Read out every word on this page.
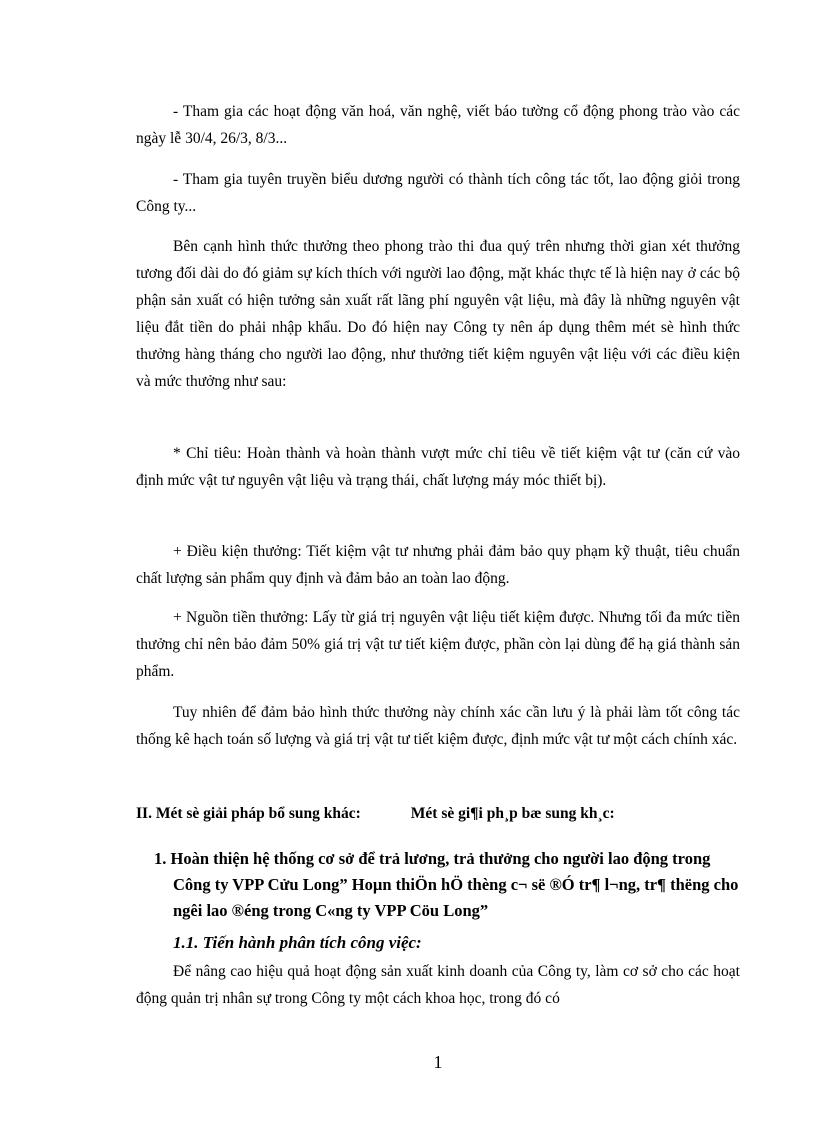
- Tham gia các hoạt động văn hoá, văn nghệ, viết báo tường cổ động phong trào vào các ngày lễ 30/4, 26/3, 8/3...

- Tham gia tuyên truyền biểu dương người có thành tích công tác tốt, lao động giỏi trong Công ty...

Bên cạnh hình thức thưởng theo phong trào thi đua quý trên nhưng thời gian xét thưởng tương đối dài do đó giảm sự kích thích với người lao động, mặt khác thực tế là hiện nay ở các bộ phận sản xuất có hiện tưởng sản xuất rất lãng phí nguyên vật liệu, mà đây là những nguyên vật liệu đắt tiền do phải nhập khẩu. Do đó hiện nay Công ty nên áp dụng thêm mét sè hình thức thưởng hàng tháng cho người lao động, như thưởng tiết kiệm nguyên vật liệu với các điều kiện và mức thưởng như sau:

* Chỉ tiêu: Hoàn thành và hoàn thành vượt mức chỉ tiêu về tiết kiệm vật tư (căn cứ vào định mức vật tư nguyên vật liệu và trạng thái, chất lượng máy móc thiết bị).

+ Điều kiện thưởng: Tiết kiệm vật tư nhưng phải đảm bảo quy phạm kỹ thuật, tiêu chuẩn chất lượng sản phẩm quy định và đảm bảo an toàn lao động.

+ Nguồn tiền thưởng: Lấy từ giá trị nguyên vật liệu tiết kiệm được. Nhưng tối đa mức tiền thưởng chỉ nên bảo đảm 50% giá trị vật tư tiết kiệm được, phần còn lại dùng để hạ giá thành sản phẩm.

Tuy nhiên để đảm bảo hình thức thưởng này chính xác cần lưu ý là phải làm tốt công tác thống kê hạch toán số lượng và giá trị vật tư tiết kiệm được, định mức vật tư một cách chính xác.

II. Mét sè giải pháp bổ sung khác:	Mét sè gi¶i ph¸p bæ sung kh¸c:
1. Hoàn thiện hệ thống cơ sở để trả lương, trả thưởng cho người lao động trong Công ty VPP Cửu Long” Hoµn thiÖn hÖ thèng c¬ së ®Ó tr¶ l¬ng, tr¶ thëng cho ngêi lao ®éng trong C«ng ty VPP Cöu Long”
1.1. Tiến hành phân tích công việc:

Để nâng cao hiệu quả hoạt động sản xuất kinh doanh của Công ty, làm cơ sở cho các hoạt động quản trị nhân sự trong Công ty một cách khoa học, trong đó có

1
